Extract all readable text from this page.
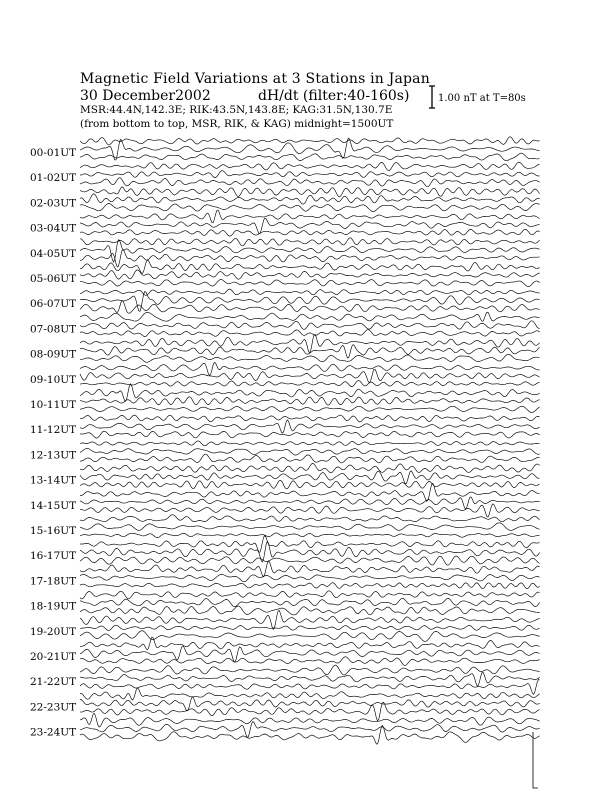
Magnetic Field Variations at 3 Stations in Japan
30 December2002	dH/dt (filter:40-160s)
MSR:44.4N,142.3E; RIK:43.5N,143.8E; KAG:31.5N,130.7E
(from bottom to top, MSR, RIK, & KAG) midnight=1500UT
1.00 nT at T=80s
00-01UT
01-02UT
02-03UT
03-04UT
04-05UT
05-06UT
06-07UT
07-08UT
08-09UT
09-10UT
10-11UT
11-12UT
12-13UT
13-14UT
14-15UT
15-16UT
16-17UT
17-18UT
18-19UT
19-20UT
20-21UT
21-22UT
22-23UT
23-24UT
